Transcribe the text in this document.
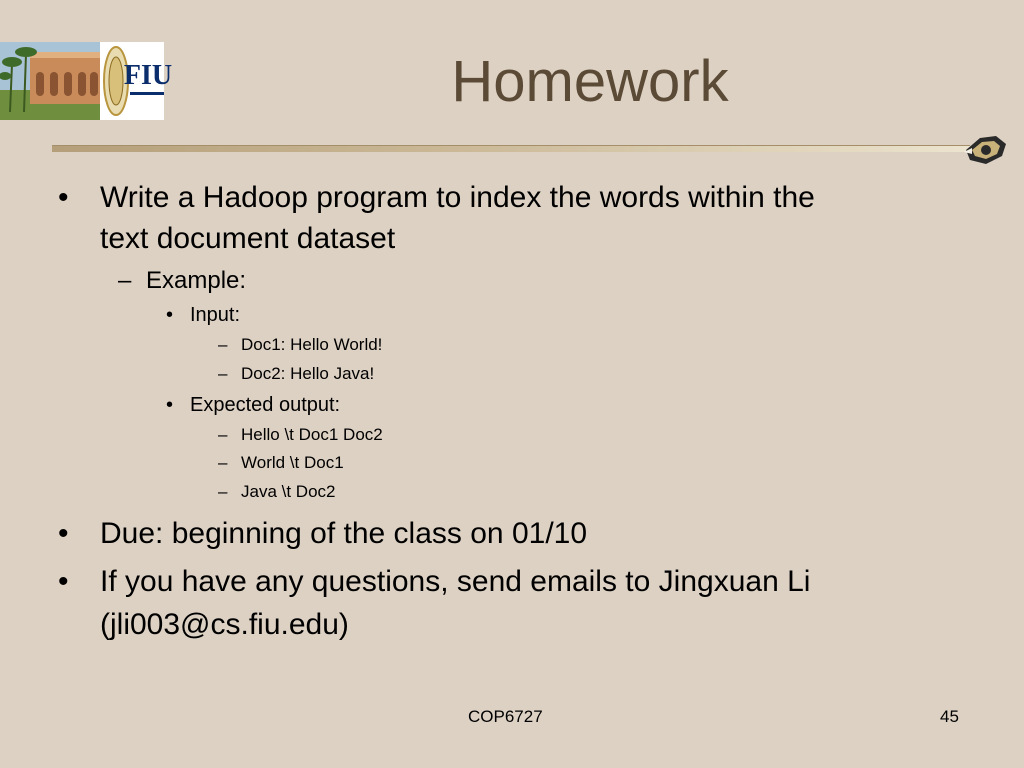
FIU	Homework
• Write a Hadoop program to index the words within the
text document dataset
– Example:
• Input:
– Doc1: Hello World!
– Doc2: Hello Java!
• Expected output:
– Hello \t Doc1 Doc2
– World \t Doc1
– Java \t Doc2
• Due: beginning of the class on 01/10
• If you have any questions, send emails to Jingxuan Li
(jli003@cs.fiu.edu)
COP6727	45
